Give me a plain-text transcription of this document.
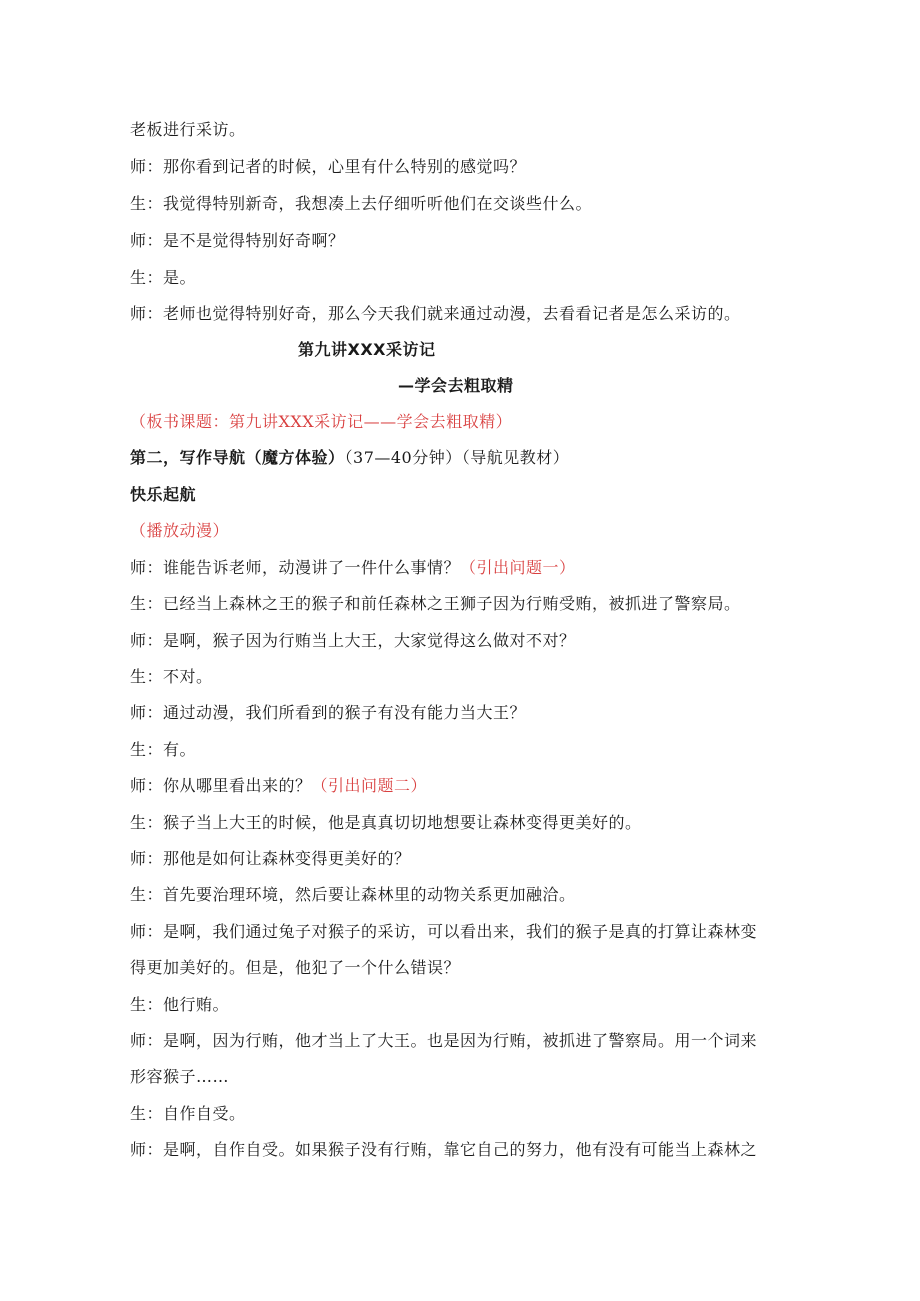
老板进行采访。
师：那你看到记者的时候，心里有什么特别的感觉吗？
生：我觉得特别新奇，我想凑上去仔细听听他们在交谈些什么。
师：是不是觉得特别好奇啊？
生：是。
师：老师也觉得特别好奇，那么今天我们就来通过动漫，去看看记者是怎么采访的。
第九讲XXX采访记
—学会去粗取精
（板书课题：第九讲XXX采访记——学会去粗取精）
第二，写作导航（魔方体验）（37—40分钟）（导航见教材）
快乐起航
（播放动漫）
师：谁能告诉老师，动漫讲了一件什么事情？（引出问题一）
生：已经当上森林之王的猴子和前任森林之王狮子因为行贿受贿，被抓进了警察局。
师：是啊，猴子因为行贿当上大王，大家觉得这么做对不对？
生：不对。
师：通过动漫，我们所看到的猴子有没有能力当大王？
生：有。
师：你从哪里看出来的？（引出问题二）
生：猴子当上大王的时候，他是真真切切地想要让森林变得更美好的。
师：那他是如何让森林变得更美好的？
生：首先要治理环境，然后要让森林里的动物关系更加融洽。
师：是啊，我们通过兔子对猴子的采访，可以看出来，我们的猴子是真的打算让森林变
得更加美好的。但是，他犯了一个什么错误？
生：他行贿。
师：是啊，因为行贿，他才当上了大王。也是因为行贿，被抓进了警察局。用一个词来
形容猴子……
生：自作自受。
师：是啊，自作自受。如果猴子没有行贿，靠它自己的努力，他有没有可能当上森林之
